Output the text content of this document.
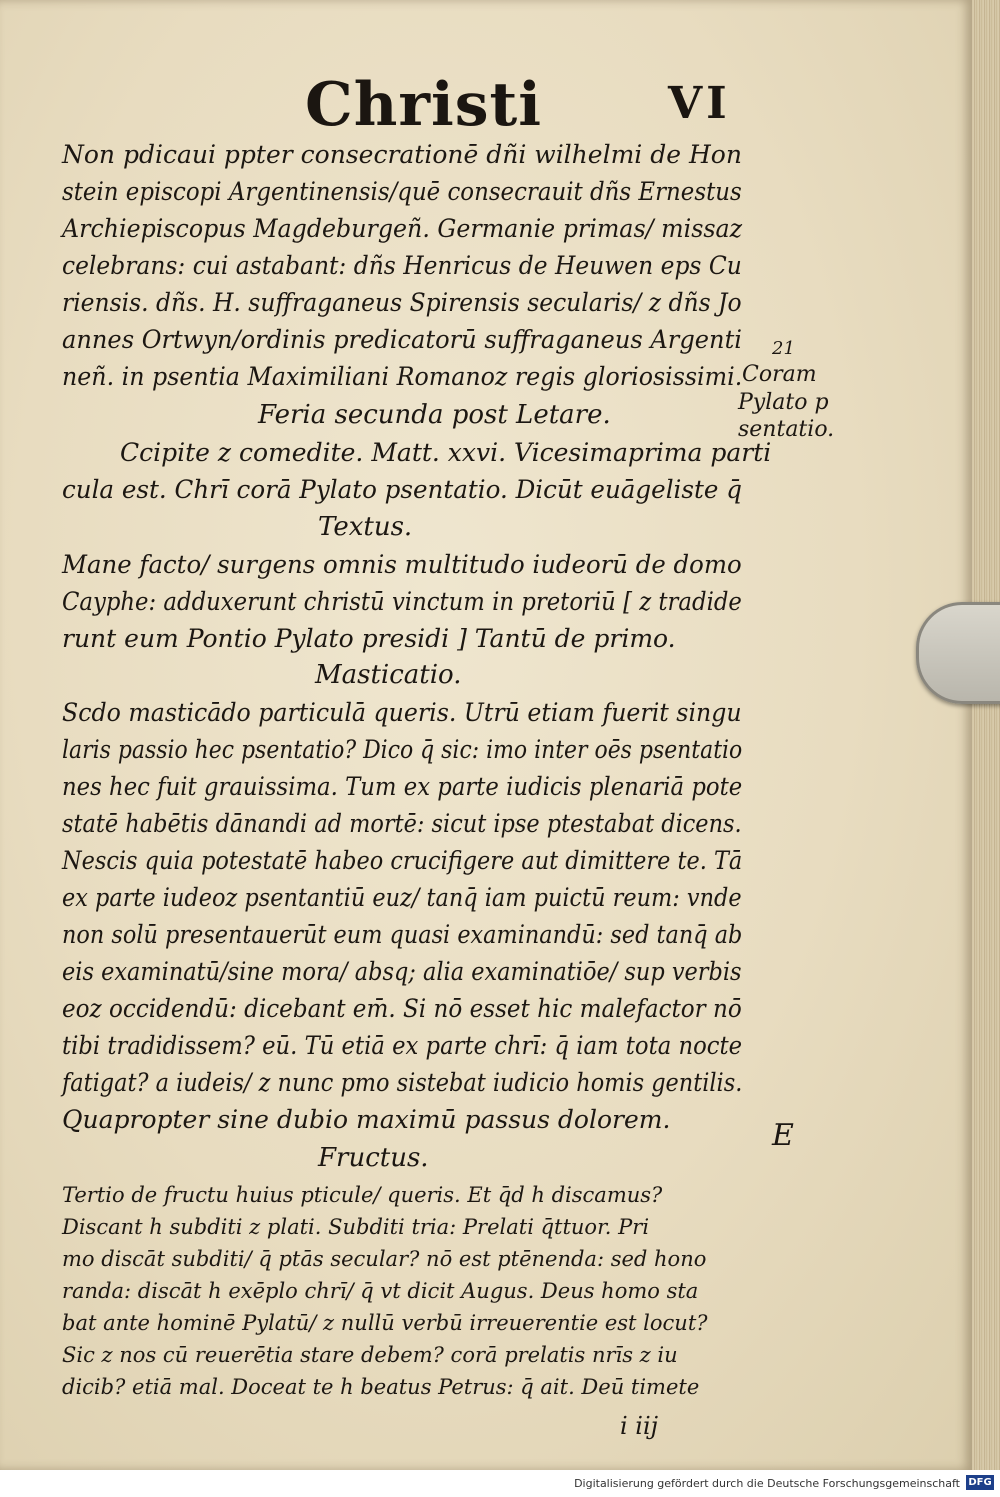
Christi	VI
Non pdicaui ppter consecrationē dñi wilhelmi de Hon
stein episcopi Argentinensis/quē consecrauit dñs Ernestus
Archiepiscopus Magdeburgeñ. Germanie primas/ missaz
celebrans: cui astabant: dñs Henricus de Heuwen eps Cu
riensis. dñs. H. suffraganeus Spirensis secularis/ z dñs Jo
annes Ortwyn/ordinis predicatorū suffraganeus Argenti
neñ. in psentia Maximiliani Romanoz regis gloriosissimi.
Feria secunda post Letare.
Ccipite z comedite. Matt. xxvi. Vicesimaprima parti
cula est. Chrī corā Pylato psentatio. Dicūt euāgeliste q̄
Textus.
Mane facto/ surgens omnis multitudo iudeorū de domo
Cayphe: adduxerunt christū vinctum in pretoriū [ z tradide
runt eum Pontio Pylato presidi ] Tantū de primo.
Masticatio.
Scdo masticādo particulā queris. Utrū etiam fuerit singu
laris passio hec psentatio? Dico q̄ sic: imo inter oēs psentatio
nes hec fuit grauissima. Tum ex parte iudicis plenariā pote
statē habētis dānandi ad mortē: sicut ipse ptestabat dicens.
Nescis quia potestatē habeo crucifigere aut dimittere te. Tā
ex parte iudeoz psentantiū euz/ tanq̄ iam puictū reum: vnde
non solū presentauerūt eum quasi examinandū: sed tanq̄ ab
eis examinatū/sine mora/ absq; alia examinatiōe/ sup verbis
eoz occidendū: dicebant em̄. Si nō esset hic malefactor nō
tibi tradidissem? eū. Tū etiā ex parte chrī: q̄ iam tota nocte
fatigat? a iudeis/ z nunc pmo sistebat iudicio homis gentilis.
Quapropter sine dubio maximū passus dolorem.
Fructus.
Tertio de fructu huius pticule/ queris. Et q̄d h discamus?
Discant h subditi z plati. Subditi tria: Prelati q̄ttuor. Pri
mo discāt subditi/ q̄ ptās secular? nō est ptēnenda: sed hono
randa: discāt h exēplo chrī/ q̄ vt dicit Augus. Deus homo sta
bat ante hominē Pylatū/ z nullū verbū irreuerentie est locut?
Sic z nos cū reuerētia stare debem? corā prelatis nrīs z iu
dicib? etiā mal. Doceat te h beatus Petrus: q̄ ait. Deū timete
i iij
21
Coram
Pylato p
sentatio.
E
Digitalisierung gefördert durch die Deutsche Forschungsgemeinschaft DFG
